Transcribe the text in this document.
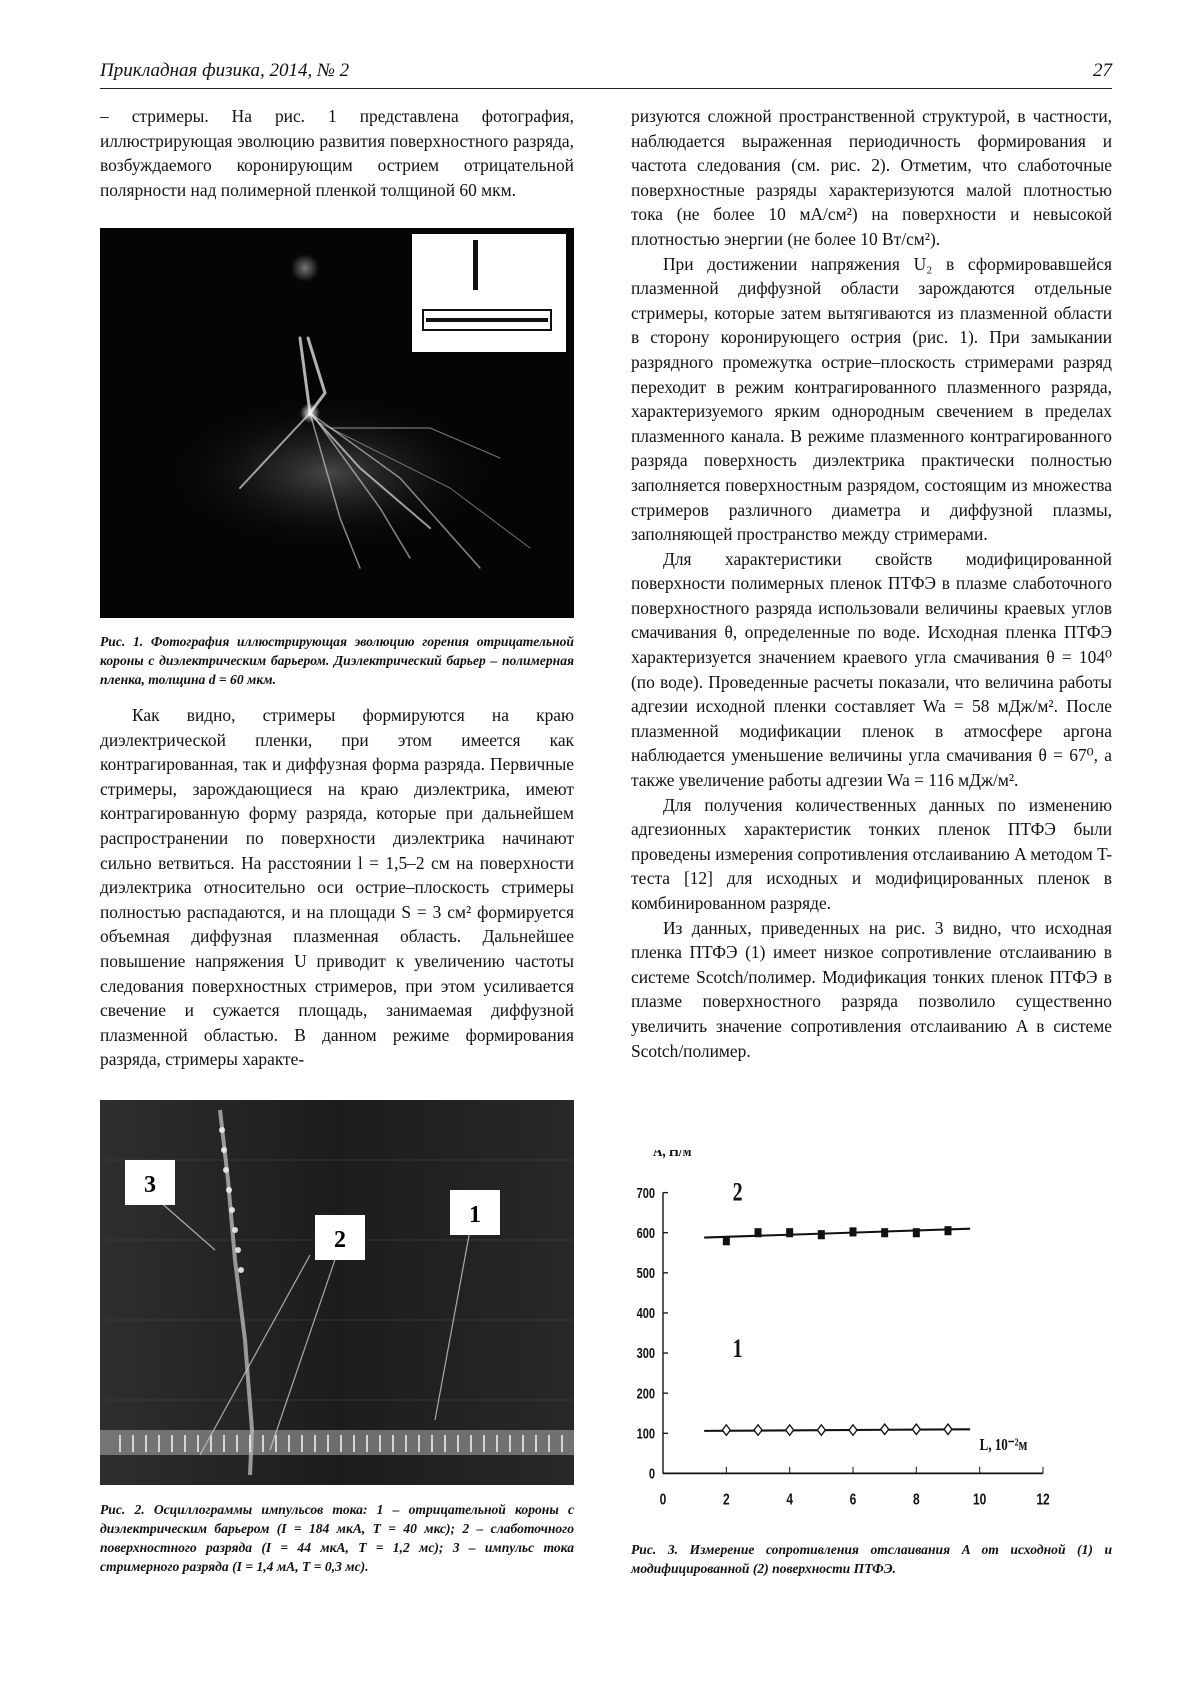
Прикладная физика, 2014, № 2	27

– стримеры. На рис. 1 представлена фотография, иллюстрирующая эволюцию развития поверхностного разряда, возбуждаемого коронирующим острием отрицательной полярности над полимерной пленкой толщиной 60 мкм.

Рис. 1. Фотография иллюстрирующая эволюцию горения отрицательной короны с диэлектрическим барьером. Диэлектрический барьер – полимерная пленка, толщина d = 60 мкм.

Как видно, стримеры формируются на краю диэлектрической пленки, при этом имеется как контрагированная, так и диффузная форма разряда. Первичные стримеры, зарождающиеся на краю диэлектрика, имеют контрагированную форму разряда, которые при дальнейшем распространении по поверхности диэлектрика начинают сильно ветвиться. На расстоянии l = 1,5–2 см на поверхности диэлектрика относительно оси острие–плоскость стримеры полностью распадаются, и на площади S = 3 см² формируется объемная диффузная плазменная область. Дальнейшее повышение напряжения U приводит к увеличению частоты следования поверхностных стримеров, при этом усиливается свечение и сужается площадь, занимаемая диффузной плазменной областью. В данном режиме формирования разряда, стримеры характе-

3
1
2
Рис. 2. Осциллограммы импульсов тока: 1 – отрицательной короны с диэлектрическим барьером (I = 184 мкА, T = 40 мкс); 2 – слаботочного поверхностного разряда (I = 44 мкА, T = 1,2 мс); 3 – импульс тока стримерного разряда (I = 1,4 мА, T = 0,3 мс).

ризуются сложной пространственной структурой, в частности, наблюдается выраженная периодичность формирования и частота следования (см. рис. 2). Отметим, что слаботочные поверхностные разряды характеризуются малой плотностью тока (не более 10 мА/см²) на поверхности и невысокой плотностью энергии (не более 10 Вт/см²).

При достижении напряжения U₂ в сформировавшейся плазменной диффузной области зарождаются отдельные стримеры, которые затем вытягиваются из плазменной области в сторону коронирующего острия (рис. 1). При замыкании разрядного промежутка острие–плоскость стримерами разряд переходит в режим контрагированного плазменного разряда, характеризуемого ярким однородным свечением в пределах плазменного канала. В режиме плазменного контрагированного разряда поверхность диэлектрика практически полностью заполняется поверхностным разрядом, состоящим из множества стримеров различного диаметра и диффузной плазмы, заполняющей пространство между стримерами.

Для характеристики свойств модифицированной поверхности полимерных пленок ПТФЭ в плазме слаботочного поверхностного разряда использовали величины краевых углов смачивания θ, определенные по воде. Исходная пленка ПТФЭ характеризуется значением краевого угла смачивания θ = 104⁰ (по воде). Проведенные расчеты показали, что величина работы адгезии исходной пленки составляет Wa = 58 мДж/м². После плазменной модификации пленок в атмосфере аргона наблюдается уменьшение величины угла смачивания θ = 67⁰, а также увеличение работы адгезии Wa = 116 мДж/м².

Для получения количественных данных по изменению адгезионных характеристик тонких пленок ПТФЭ были проведены измерения сопротивления отслаиванию A методом T-теста [12] для исходных и модифицированных пленок в комбинированном разряде.

Из данных, приведенных на рис. 3 видно, что исходная пленка ПТФЭ (1) имеет низкое сопротивление отслаиванию в системе Scotch/полимер. Модификация тонких пленок ПТФЭ в плазме поверхностного разряда позволило существенно увеличить значение сопротивления отслаиванию A в системе Scotch/полимер.

0
100
200
300
400
500
600
700
0	2	4	6	8	10	12
2
1
A, Н/м
L, 10⁻²м
Рис. 3. Измерение сопротивления отслаивания A от исходной (1) и модифицированной (2) поверхности ПТФЭ.
